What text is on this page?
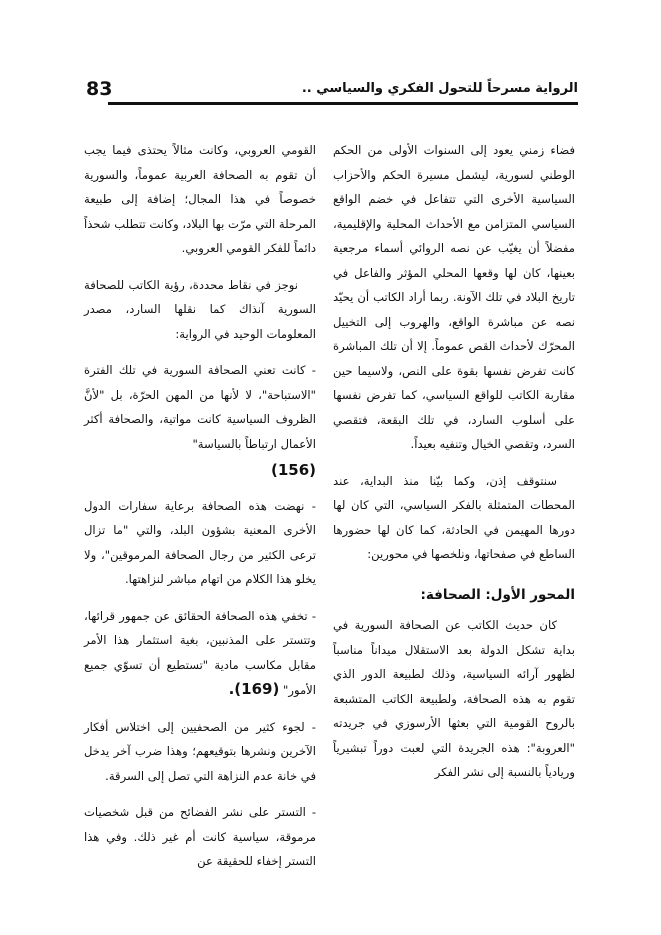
83	الرواية مسرحاً للتحول الفكري والسياسي ..

فضاء زمني يعود إلى السنوات الأولى من الحكم الوطني لسورية، ليشمل مسيرة الحكم والأحزاب السياسية الأخرى التي تتفاعل في خضم الواقع السياسي المتزامن مع الأحداث المحلية والإقليمية، مفضلاً أن يغيّب عن نصه الروائي أسماء مرجعية بعينها، كان لها وقعها المحلي المؤثر والفاعل في تاريخ البلاد في تلك الآونة. ربما أراد الكاتب أن يحيّد نصه عن مباشرة الواقع، والهروب إلى التخييل المحرّك لأحداث القص عموماً. إلا أن تلك المباشرة كانت تفرض نفسها بقوة على النص، ولاسيما حين مقاربة الكاتب للواقع السياسي، كما تفرض نفسها على أسلوب السارد، في تلك البقعة، فتقصي السرد، وتقصي الخيال وتنفيه بعيداً.

سنتوقف إذن، وكما بيّنا منذ البداية، عند المحطات المتمثلة بالفكر السياسي، التي كان لها دورها المهيمن في الحادثة، كما كان لها حضورها الساطع في صفحاتها، ونلخصها في محورين:

المحور الأول: الصحافة:

كان حديث الكاتب عن الصحافة السورية في بداية تشكل الدولة بعد الاستقلال ميداناً مناسباً لظهور آرائه السياسية، وذلك لطبيعة الدور الذي تقوم به هذه الصحافة، ولطبيعة الكاتب المتشبعة بالروح القومية التي بعثها الأرسوزي في جريدته "العروبة": هذه الجريدة التي لعبت دوراً تبشيرياً وريادياً بالنسبة إلى نشر الفكر

القومي العروبي، وكانت مثالاً يحتذى فيما يجب أن تقوم به الصحافة العربية عموماً، والسورية خصوصاً في هذا المجال؛ إضافة إلى طبيعة المرحلة التي مرّت بها البلاد، وكانت تتطلب شحذاً دائماً للفكر القومي العروبي.

نوجز في نقاط محددة، رؤية الكاتب للصحافة السورية آنذاك كما نقلها السارد، مصدر المعلومات الوحيد في الرواية:

- كانت تعني الصحافة السورية في تلك الفترة "الاستباحة"، لا لأنها من المهن الحرّة، بل "لأنَّ الظروف السياسية كانت مواتية، والصحافة أكثر الأعمال ارتباطاً بالسياسة"

(156)

- نهضت هذه الصحافة برعاية سفارات الدول الأخرى المعنية بشؤون البلد، والتي "ما تزال ترعى الكثير من رجال الصحافة المرموقين"، ولا يخلو هذا الكلام من اتهام مباشر لنزاهتها.

- تخفي هذه الصحافة الحقائق عن جمهور قرائها، وتتستر على المذنبين، بغية استثمار هذا الأمر مقابل مكاسب مادية "تستطيع أن تسوّي جميع الأمور" (169).

- لجوء كثير من الصحفيين إلى اختلاس أفكار الآخرين ونشرها بتوقيعهم؛ وهذا ضرب آخر يدخل في خانة عدم النزاهة التي تصل إلى السرقة.

- التستر على نشر الفضائح من قبل شخصيات مرموقة، سياسية كانت أم غير ذلك. وفي هذا التستر إخفاء للحقيقة عن
